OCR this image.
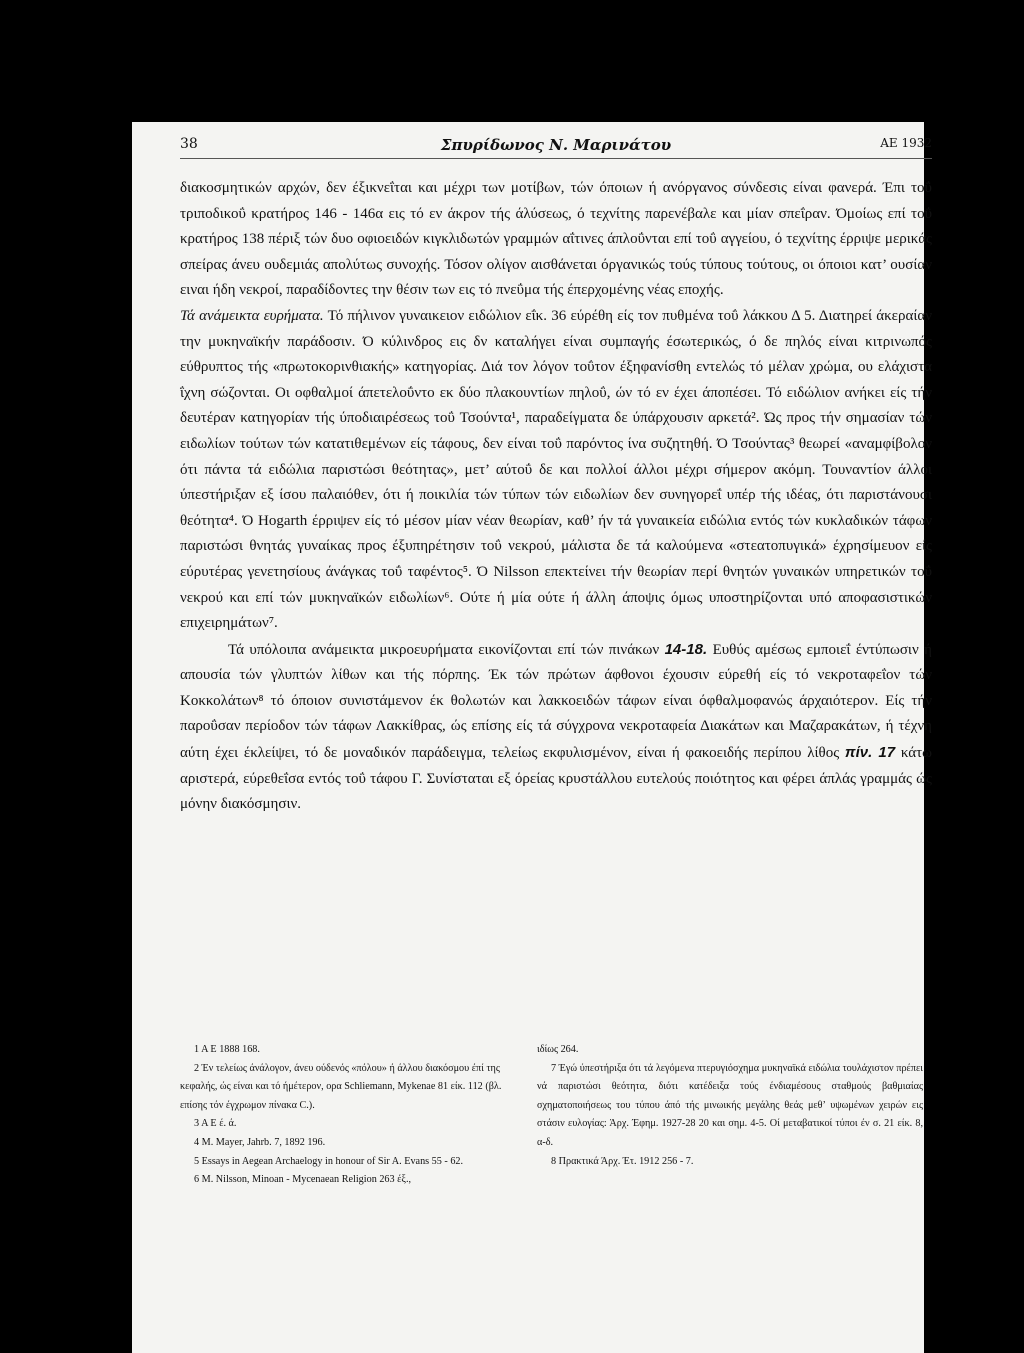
38	Σπυρίδωνος Ν. Μαρινάτου	ΑΕ 1932

διακοσμητικών αρχών, δεν έξικνεΐται και μέχρι των μοτίβων, τών όποιων ή ανόργανος σύνδεσις είναι φανερά. Έπι τοΰ τριποδικοΰ κρατήρος 146 - 146α εις τό εν άκρον τής άλύσεως, ό τεχνίτης παρενέβαλε και μίαν σπεΐραν. Όμοίως επί τοΰ κρατήρος 138 πέριξ τών δυο οφιοειδών κιγκλιδωτών γραμμών αΐτινες άπλοΰνται επί τοΰ αγγείου, ό τεχνίτης έρριψε μερικάς σπείρας άνευ ουδεμιάς απολύτως συνοχής. Τόσον ολίγον αισθάνεται όργανικώς τούς τύπους τούτους, οι όποιοι κατ’ ουσίαν ειναι ήδη νεκροί, παραδίδοντες την θέσιν των εις τό πνεΰμα τής έπερχομένης νέας εποχής.

Τά ανάμεικτα ευρήματα. Τό πήλινον γυναικειον ειδώλιον εΐκ. 36 εύρέθη είς τον πυθμένα τοΰ λάκκου Δ 5. Διατηρεί άκεραίαν την μυκηναϊκήν παράδοσιν. Ό κύλινδρος εις δν καταλήγει είναι συμπαγής έσωτερικώς, ό δε πηλός είναι κιτρινωπός εύθρυπτος τής «πρωτοκορινθιακής» κατηγορίας. Διά τον λόγον τοΰτον έξηφανίσθη εντελώς τό μέλαν χρώμα, ου ελάχιστα ΐχνη σώζονται. Οι οφθαλμοί άπετελοΰντο εκ δύο πλακουντίων πηλοΰ, ών τό εν έχει άποπέσει. Τό ειδώλιον ανήκει είς τήν δευτέραν κατηγορίαν τής ύποδιαιρέσεως τοΰ Τσούντα¹, παραδείγματα δε ύπάρχουσιν αρκετά². Ώς προς τήν σημασίαν τών ειδωλίων τούτων τών κατατιθεμένων είς τάφους, δεν είναι τοΰ παρόντος ίνα συζητηθή. Ό Τσούντας³ θεωρεί «αναμφίβολον ότι πάντα τά ειδώλια παριστώσι θεότητας», μετ’ αύτοΰ δε και πολλοί άλλοι μέχρι σήμερον ακόμη. Τουναντίον άλλοι ύπεστήριξαν εξ ίσου παλαιόθεν, ότι ή ποικιλία τών τύπων τών ειδωλίων δεν συνηγορεΐ υπέρ τής ιδέας, ότι παριστάνουσι θεότητα⁴. Ό Hogarth έρριψεν είς τό μέσον μίαν νέαν θεωρίαν, καθ’ ήν τά γυναικεία ειδώλια εντός τών κυκλαδικών τάφων παριστώσι θνητάς γυναίκας προς έξυπηρέτησιν τοΰ νεκρού, μάλιστα δε τά καλούμενα «στεατοπυγικά» έχρησίμευον είς εύρυτέρας γενετησίους άνάγκας τοΰ ταφέντος⁵. Ό Nilsson επεκτείνει τήν θεωρίαν περί θνητών γυναικών υπηρετικών τοΰ νεκρού και επί τών μυκηναϊκών ειδωλίων⁶. Ούτε ή μία ούτε ή άλλη άποψις όμως υποστηρίζονται υπό αποφασιστικών επιχειρημάτων⁷.

Τά υπόλοιπα ανάμεικτα μικροευρήματα εικονίζονται επί τών πινάκων 14-18. Ευθύς αμέσως εμποιεΐ έντύπωσιν ή απουσία τών γλυπτών λίθων και τής πόρπης. Έκ τών πρώτων άφθονοι έχουσιν εύρεθή είς τό νεκροταφεΐον τών Κοκκολάτων⁸ τό όποιον συνιστάμενον έκ θολωτών και λακκοειδών τάφων είναι όφθαλμοφανώς άρχαιότερον. Είς τήν παροΰσαν περίοδον τών τάφων Λακκίθρας, ώς επίσης είς τά σύγχρονα νεκροταφεία Διακάτων και Μαζαρακάτων, ή τέχνη αύτη έχει έκλείψει, τό δε μοναδικόν παράδειγμα, τελείως εκφυλισμένον, είναι ή φακοειδής περίπου λίθος πίν. 17 κάτω αριστερά, εύρεθεΐσα εντός τοΰ τάφου Γ. Συνίσταται εξ όρείας κρυστάλλου ευτελούς ποιότητος και φέρει άπλάς γραμμάς ώς μόνην διακόσμησιν.

1 Α Ε 1888 168.
2 Έν τελείως άνάλογον, άνευ ούδενός «πόλου» ή άλλου διακόσμου έπί της κεφαλής, ώς είναι και τό ήμέτερον, ορα Schliemann, Mykenae 81 είκ. 112 (βλ. επίσης τόν έγχρωμον πίνακα C.).
3 Α Ε έ. ά.
4 M. Mayer, Jahrb. 7, 1892 196.
5 Essays in Aegean Archaelogy in honour of Sir A. Evans 55 - 62.
6 M. Nilsson, Minoan - Mycenaean Religion 263 έξ.,
ιδίως 264.
7 Έγώ ύπεστήριξα ότι τά λεγόμενα πτερυγιόσχημα μυκηναϊκά ειδώλια τουλάχιστον πρέπει νά παριστώσι θεότητα, διότι κατέδειξα τούς ένδιαμέσους σταθμούς βαθμιαίας σχηματοποιήσεως του τύπου άπό τής μινωικής μεγάλης θεάς μεθ’ υψωμένων χειρών εις στάσιν ευλογίας: Άρχ. Έφημ. 1927-28 20 και σημ. 4-5. Οί μεταβατικοί τύποι έν σ. 21 είκ. 8, α-δ.
8 Πρακτικά Άρχ. Έτ. 1912 256 - 7.
